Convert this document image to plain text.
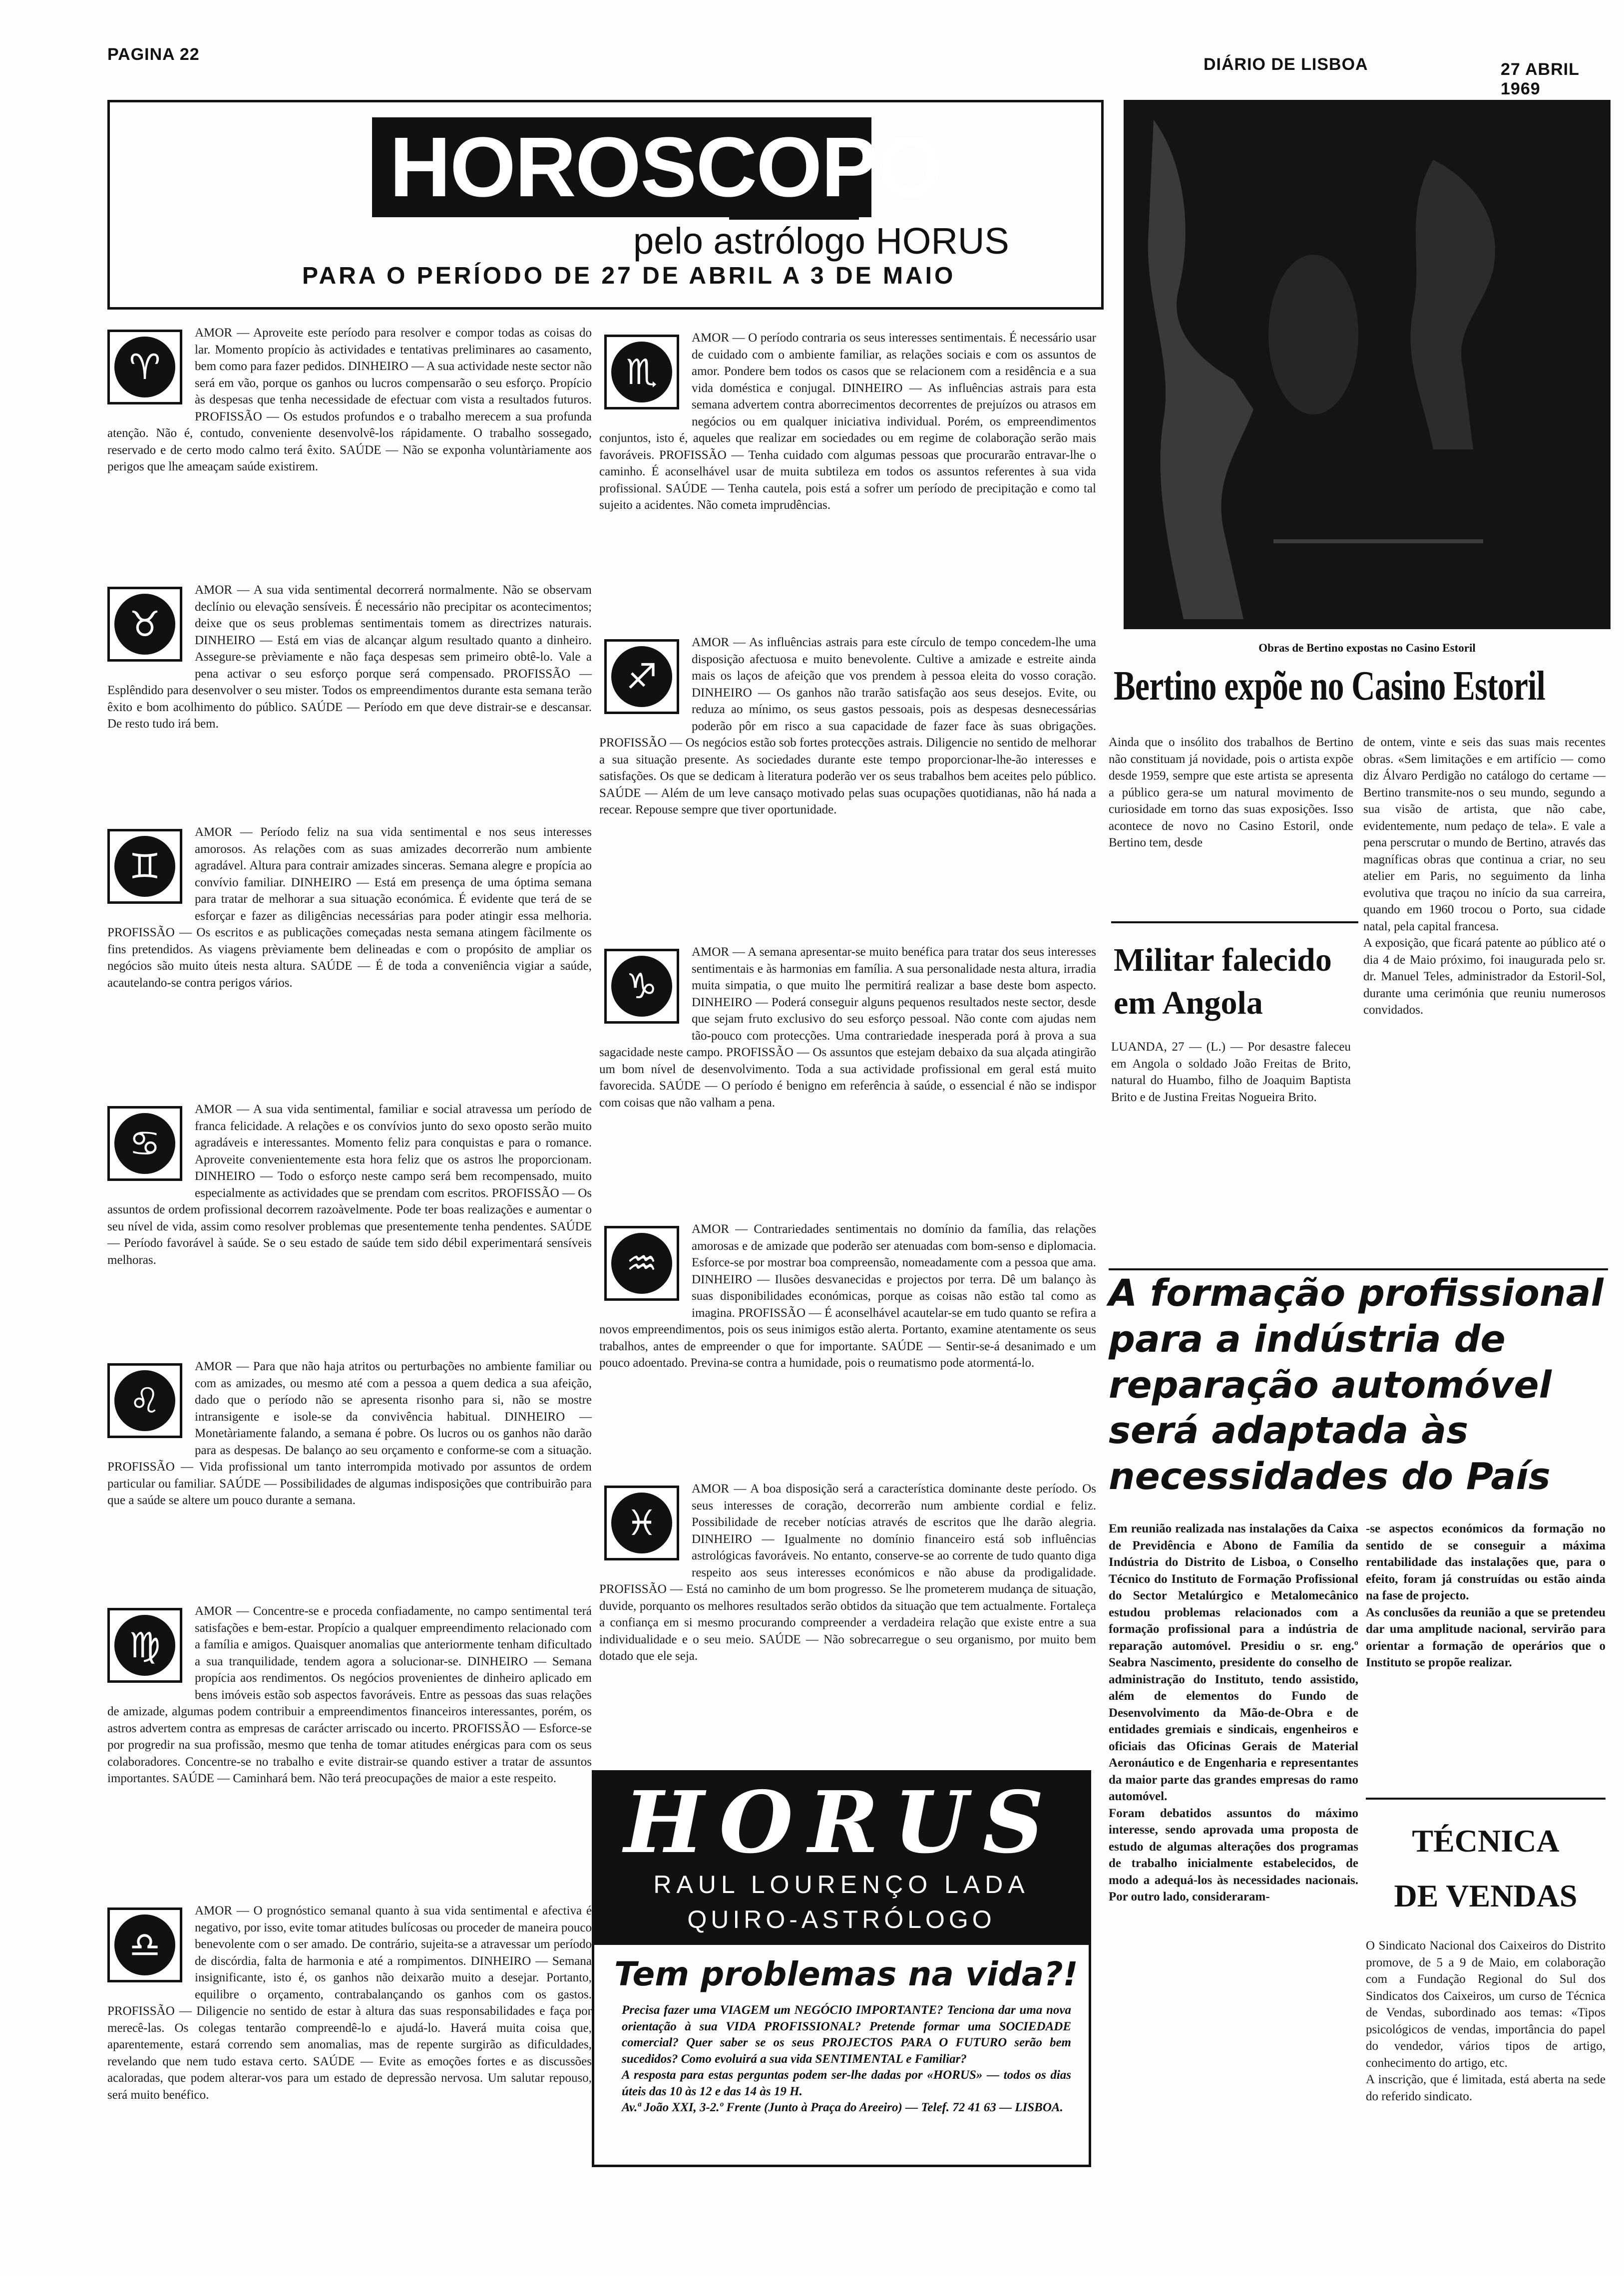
PAGINA 22
DIÁRIO DE LISBOA	27 ABRIL 1969
HOROSCOPO
pelo astrólogo HORUS
PARA O PERÍODO DE 27 DE ABRIL A 3 DE MAIO
♈
AMOR — Aproveite este período para resolver e compor todas as coisas do lar. Momento propício às actividades e tentativas preliminares ao casamento, bem como para fazer pedidos. DINHEIRO — A sua actividade neste sector não será em vão, porque os ganhos ou lucros compensarão o seu esforço. Propício às despesas que tenha necessidade de efectuar com vista a resultados futuros. PROFISSÃO — Os estudos profundos e o trabalho merecem a sua profunda atenção. Não é, contudo, conveniente desenvolvê-los rápidamente. O trabalho sossegado, reservado e de certo modo calmo terá êxito. SAÚDE — Não se exponha voluntàriamente aos perigos que lhe ameaçam saúde existirem.
♉
AMOR — A sua vida sentimental decorrerá normalmente. Não se observam declínio ou elevação sensíveis. É necessário não precipitar os acontecimentos; deixe que os seus problemas sentimentais tomem as directrizes naturais. DINHEIRO — Está em vias de alcançar algum resultado quanto a dinheiro. Assegure-se prèviamente e não faça despesas sem primeiro obtê-lo. Vale a pena activar o seu esforço porque será compensado. PROFISSÃO — Esplêndido para desenvolver o seu mister. Todos os empreendimentos durante esta semana terão êxito e bom acolhimento do público. SAÚDE — Período em que deve distrair-se e descansar. De resto tudo irá bem.
♊
AMOR — Período feliz na sua vida sentimental e nos seus interesses amorosos. As relações com as suas amizades decorrerão num ambiente agradável. Altura para contrair amizades sinceras. Semana alegre e propícia ao convívio familiar. DINHEIRO — Está em presença de uma óptima semana para tratar de melhorar a sua situação económica. É evidente que terá de se esforçar e fazer as diligências necessárias para poder atingir essa melhoria. PROFISSÃO — Os escritos e as publicações começadas nesta semana atingem fàcilmente os fins pretendidos. As viagens prèviamente bem delineadas e com o propósito de ampliar os negócios são muito úteis nesta altura. SAÚDE — É de toda a conveniência vigiar a saúde, acautelando-se contra perigos vários.
♋
AMOR — A sua vida sentimental, familiar e social atravessa um período de franca felicidade. A relações e os convívios junto do sexo oposto serão muito agradáveis e interessantes. Momento feliz para conquistas e para o romance. Aproveite convenientemente esta hora feliz que os astros lhe proporcionam. DINHEIRO — Todo o esforço neste campo será bem recompensado, muito especialmente as actividades que se prendam com escritos. PROFISSÃO — Os assuntos de ordem profissional decorrem razoàvelmente. Pode ter boas realizações e aumentar o seu nível de vida, assim como resolver problemas que presentemente tenha pendentes. SAÚDE — Período favorável à saúde. Se o seu estado de saúde tem sido débil experimentará sensíveis melhoras.
♌
AMOR — Para que não haja atritos ou perturbações no ambiente familiar ou com as amizades, ou mesmo até com a pessoa a quem dedica a sua afeição, dado que o período não se apresenta risonho para si, não se mostre intransigente e isole-se da convivência habitual. DINHEIRO — Monetàriamente falando, a semana é pobre. Os lucros ou os ganhos não darão para as despesas. De balanço ao seu orçamento e conforme-se com a situação. PROFISSÃO — Vida profissional um tanto interrompida motivado por assuntos de ordem particular ou familiar. SAÚDE — Possibilidades de algumas indisposições que contribuirão para que a saúde se altere um pouco durante a semana.
♍
AMOR — Concentre-se e proceda confiadamente, no campo sentimental terá satisfações e bem-estar. Propício a qualquer empreendimento relacionado com a família e amigos. Quaisquer anomalias que anteriormente tenham dificultado a sua tranquilidade, tendem agora a solucionar-se. DINHEIRO — Semana propícia aos rendimentos. Os negócios provenientes de dinheiro aplicado em bens imóveis estão sob aspectos favoráveis. Entre as pessoas das suas relações de amizade, algumas podem contribuir a empreendimentos financeiros interessantes, porém, os astros advertem contra as empresas de carácter arriscado ou incerto. PROFISSÃO — Esforce-se por progredir na sua profissão, mesmo que tenha de tomar atitudes enérgicas para com os seus colaboradores. Concentre-se no trabalho e evite distrair-se quando estiver a tratar de assuntos importantes. SAÚDE — Caminhará bem. Não terá preocupações de maior a este respeito.
♎
AMOR — O prognóstico semanal quanto à sua vida sentimental e afectiva é negativo, por isso, evite tomar atitudes bulícosas ou proceder de maneira pouco benevolente com o ser amado. De contrário, sujeita-se a atravessar um período de discórdia, falta de harmonia e até a rompimentos. DINHEIRO — Semana insignificante, isto é, os ganhos não deixarão muito a desejar. Portanto, equilibre o orçamento, contrabalançando os ganhos com os gastos. PROFISSÃO — Diligencie no sentido de estar à altura das suas responsabilidades e faça por merecê-las. Os colegas tentarão compreendê-lo e ajudá-lo. Haverá muita coisa que, aparentemente, estará correndo sem anomalias, mas de repente surgirão as dificuldades, revelando que nem tudo estava certo. SAÚDE — Evite as emoções fortes e as discussões acaloradas, que podem alterar-vos para um estado de depressão nervosa. Um salutar repouso, será muito benéfico.
♏
AMOR — O período contraria os seus interesses sentimentais. É necessário usar de cuidado com o ambiente familiar, as relações sociais e com os assuntos de amor. Pondere bem todos os casos que se relacionem com a residência e a sua vida doméstica e conjugal. DINHEIRO — As influências astrais para esta semana advertem contra aborrecimentos decorrentes de prejuízos ou atrasos em negócios ou em qualquer iniciativa individual. Porém, os empreendimentos conjuntos, isto é, aqueles que realizar em sociedades ou em regime de colaboração serão mais favoráveis. PROFISSÃO — Tenha cuidado com algumas pessoas que procurarão entravar-lhe o caminho. É aconselhável usar de muita subtileza em todos os assuntos referentes à sua vida profissional. SAÚDE — Tenha cautela, pois está a sofrer um período de precipitação e como tal sujeito a acidentes. Não cometa imprudências.
♐
AMOR — As influências astrais para este círculo de tempo concedem-lhe uma disposição afectuosa e muito benevolente. Cultive a amizade e estreite ainda mais os laços de afeição que vos prendem à pessoa eleita do vosso coração. DINHEIRO — Os ganhos não trarão satisfação aos seus desejos. Evite, ou reduza ao mínimo, os seus gastos pessoais, pois as despesas desnecessárias poderão pôr em risco a sua capacidade de fazer face às suas obrigações. PROFISSÃO — Os negócios estão sob fortes protecções astrais. Diligencie no sentido de melhorar a sua situação presente. As sociedades durante este tempo proporcionar-lhe-ão interesses e satisfações. Os que se dedicam à literatura poderão ver os seus trabalhos bem aceites pelo público. SAÚDE — Além de um leve cansaço motivado pelas suas ocupações quotidianas, não há nada a recear. Repouse sempre que tiver oportunidade.
♑
AMOR — A semana apresentar-se muito benéfica para tratar dos seus interesses sentimentais e às harmonias em família. A sua personalidade nesta altura, irradia muita simpatia, o que muito lhe permitirá realizar a base deste bom aspecto. DINHEIRO — Poderá conseguir alguns pequenos resultados neste sector, desde que sejam fruto exclusivo do seu esforço pessoal. Não conte com ajudas nem tão-pouco com protecções. Uma contrariedade inesperada porá à prova a sua sagacidade neste campo. PROFISSÃO — Os assuntos que estejam debaixo da sua alçada atingirão um bom nível de desenvolvimento. Toda a sua actividade profissional em geral está muito favorecida. SAÚDE — O período é benigno em referência à saúde, o essencial é não se indispor com coisas que não valham a pena.
♒
AMOR — Contrariedades sentimentais no domínio da família, das relações amorosas e de amizade que poderão ser atenuadas com bom-senso e diplomacia. Esforce-se por mostrar boa compreensão, nomeadamente com a pessoa que ama. DINHEIRO — Ilusões desvanecidas e projectos por terra. Dê um balanço às suas disponibilidades económicas, porque as coisas não estão tal como as imagina. PROFISSÃO — É aconselhável acautelar-se em tudo quanto se refira a novos empreendimentos, pois os seus inimigos estão alerta. Portanto, examine atentamente os seus trabalhos, antes de empreender o que for importante. SAÚDE — Sentir-se-á desanimado e um pouco adoentado. Previna-se contra a humidade, pois o reumatismo pode atormentá-lo.
♓
AMOR — A boa disposição será a característica dominante deste período. Os seus interesses de coração, decorrerão num ambiente cordial e feliz. Possibilidade de receber notícias através de escritos que lhe darão alegria. DINHEIRO — Igualmente no domínio financeiro está sob influências astrológicas favoráveis. No entanto, conserve-se ao corrente de tudo quanto diga respeito aos seus interesses económicos e não abuse da prodigalidade. PROFISSÃO — Está no caminho de um bom progresso. Se lhe prometerem mudança de situação, duvide, porquanto os melhores resultados serão obtidos da situação que tem actualmente. Fortaleça a confiança em si mesmo procurando compreender a verdadeira relação que existe entre a sua individualidade e o seu meio. SAÚDE — Não sobrecarregue o seu organismo, por muito bem dotado que ele seja.
HORUS
RAUL LOURENÇO LADA
QUIRO-ASTRÓLOGO
Tem problemas na vida?!
Precisa fazer uma VIAGEM um NEGÓCIO IMPORTANTE? Tenciona dar uma nova orientação à sua VIDA PROFISSIONAL? Pretende formar uma SOCIEDADE comercial? Quer saber se os seus PROJECTOS PARA O FUTURO serão bem sucedidos? Como evoluirá a sua vida SENTIMENTAL e Familiar?
A resposta para estas perguntas podem ser-lhe dadas por «HORUS» — todos os dias úteis das 10 às 12 e das 14 às 19 H.
Av.ª João XXI, 3-2.º Frente (Junto à Praça do Areeiro) — Telef. 72 41 63 — LISBOA.
Obras de Bertino expostas no Casino Estoril
Bertino expõe no Casino Estoril
Ainda que o insólito dos trabalhos de Bertino não constituam já novidade, pois o artista expõe desde 1959, sempre que este artista se apresenta a público gera-se um natural movimento de curiosidade em torno das suas exposições. Isso acontece de novo no Casino Estoril, onde Bertino tem, desde
de ontem, vinte e seis das suas mais recentes obras. «Sem limitações e em artifício — como diz Álvaro Perdigão no catálogo do certame — Bertino transmite-nos o seu mundo, segundo a sua visão de artista, que não cabe, evidentemente, num pedaço de tela». E vale a pena perscrutar o mundo de Bertino, através das magníficas obras que continua a criar, no seu atelier em Paris, no seguimento da linha evolutiva que traçou no início da sua carreira, quando em 1960 trocou o Porto, sua cidade natal, pela capital francesa.
A exposição, que ficará patente ao público até o dia 4 de Maio próximo, foi inaugurada pelo sr. dr. Manuel Teles, administrador da Estoril-Sol, durante uma cerimónia que reuniu numerosos convidados.
Militar falecido em Angola
LUANDA, 27 — (L.) — Por desastre faleceu em Angola o soldado João Freitas de Brito, natural do Huambo, filho de Joaquim Baptista Brito e de Justina Freitas Nogueira Brito.
A formação profissional para a indústria de reparação automóvel será adaptada às necessidades do País
Em reunião realizada nas instalações da Caixa de Previdência e Abono de Família da Indústria do Distrito de Lisboa, o Conselho Técnico do Instituto de Formação Profissional do Sector Metalúrgico e Metalomecânico estudou problemas relacionados com a formação profissional para a indústria de reparação automóvel. Presidiu o sr. eng.º Seabra Nascimento, presidente do conselho de administração do Instituto, tendo assistido, além de elementos do Fundo de Desenvolvimento da Mão-de-Obra e de entidades gremiais e sindicais, engenheiros e oficiais das Oficinas Gerais de Material Aeronáutico e de Engenharia e representantes da maior parte das grandes empresas do ramo automóvel.
Foram debatidos assuntos do máximo interesse, sendo aprovada uma proposta de estudo de algumas alterações dos programas de trabalho inicialmente estabelecidos, de modo a adequá-los às necessidades nacionais. Por outro lado, consideraram-
-se aspectos económicos da formação no sentido de se conseguir a máxima rentabilidade das instalações que, para o efeito, foram já construídas ou estão ainda na fase de projecto.
As conclusões da reunião a que se pretendeu dar uma amplitude nacional, servirão para orientar a formação de operários que o Instituto se propõe realizar.
TÉCNICA
DE VENDAS
O Sindicato Nacional dos Caixeiros do Distrito promove, de 5 a 9 de Maio, em colaboração com a Fundação Regional do Sul dos Sindicatos dos Caixeiros, um curso de Técnica de Vendas, subordinado aos temas: «Tipos psicológicos de vendas, importância do papel do vendedor, vários tipos de artigo, conhecimento do artigo, etc.
A inscrição, que é limitada, está aberta na sede do referido sindicato.
